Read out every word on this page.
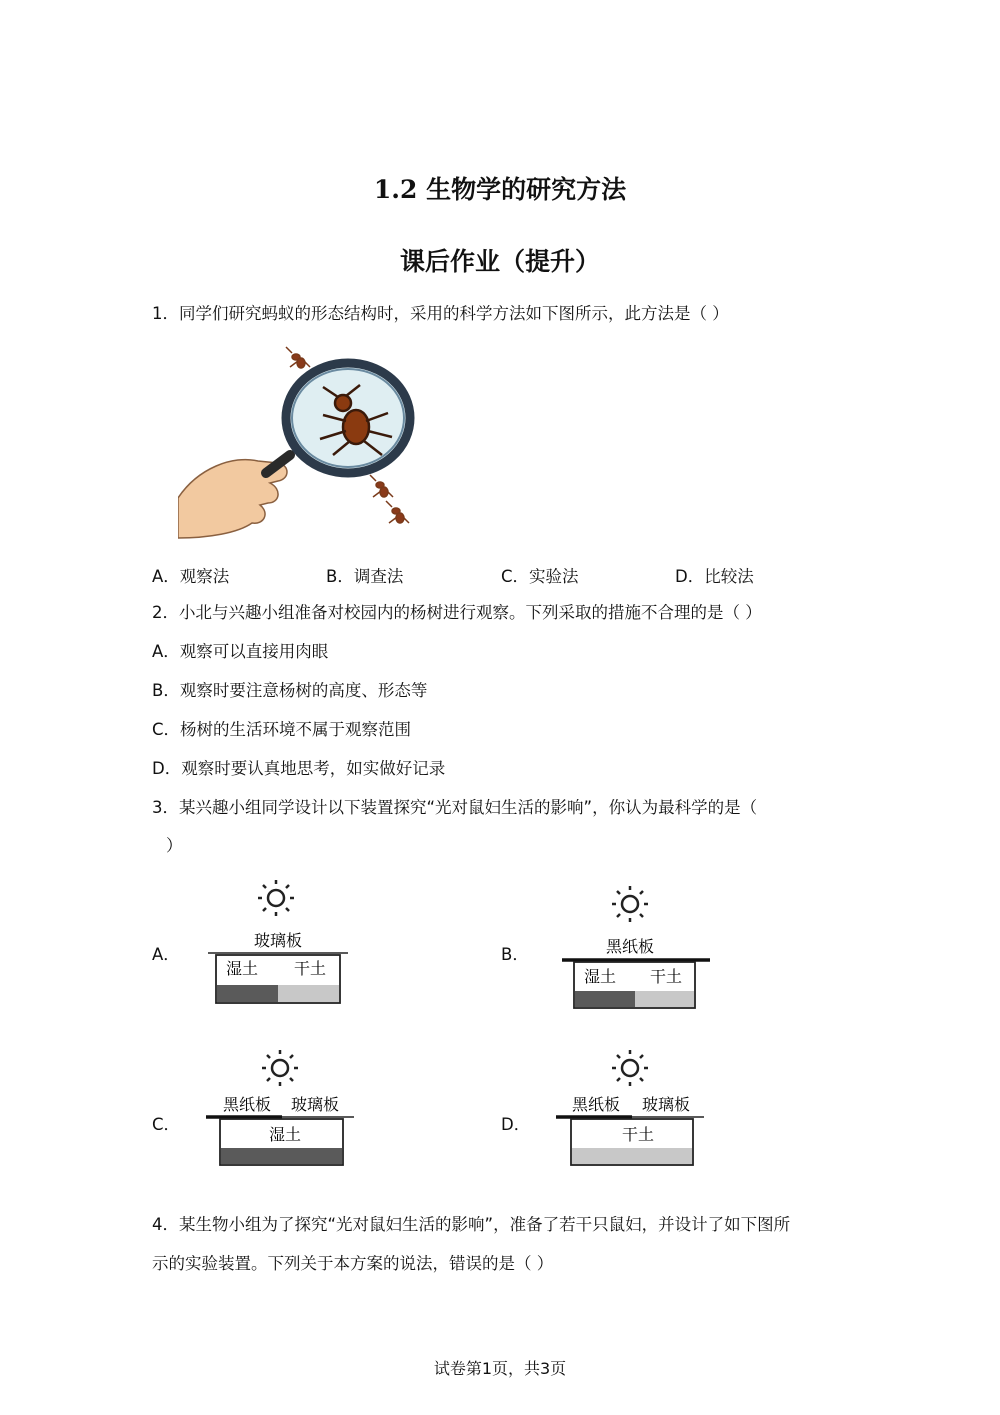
1.2 生物学的研究方法
课后作业（提升）
1．同学们研究蚂蚁的形态结构时，采用的科学方法如下图所示，此方法是（ ）
A．观察法	B．调查法	C．实验法	D．比较法
2．小北与兴趣小组准备对校园内的杨树进行观察。下列采取的措施不合理的是（ ）
A．观察可以直接用肉眼
B．观察时要注意杨树的高度、形态等
C．杨树的生活环境不属于观察范围
D．观察时要认真地思考，如实做好记录
3．某兴趣小组同学设计以下装置探究“光对鼠妇生活的影响”，你认为最科学的是（
）
A．
玻璃板
湿土 干土
B．	黑纸板
湿土 干土
C．
黑纸板 玻璃板
湿土
D．
黑纸板 玻璃板
干土
4．某生物小组为了探究“光对鼠妇生活的影响”，准备了若干只鼠妇，并设计了如下图所
示的实验装置。下列关于本方案的说法，错误的是（ ）
试卷第1页，共3页
